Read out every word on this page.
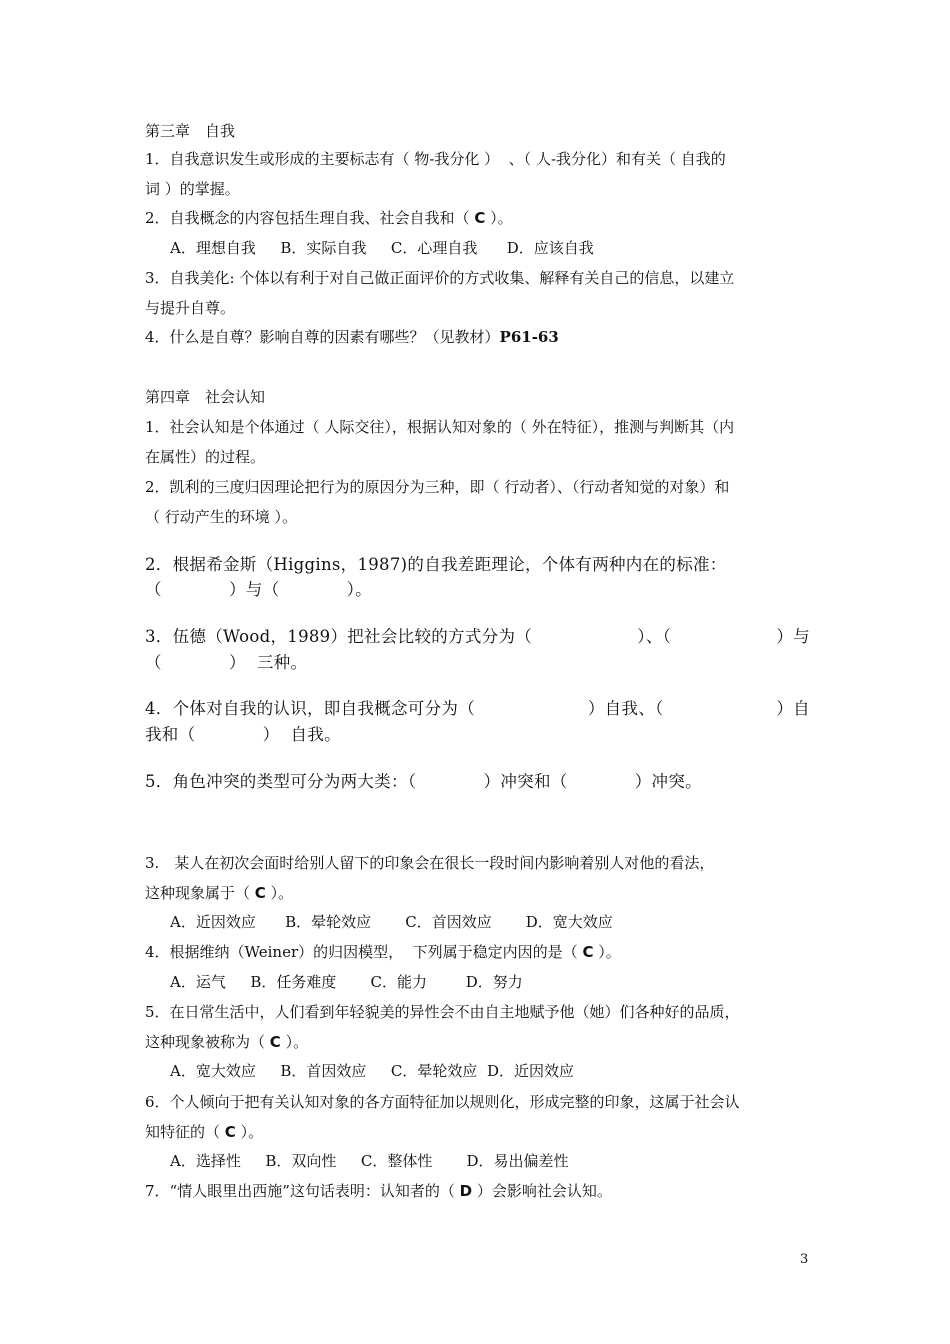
第三章　自我
1．自我意识发生或形成的主要标志有（ 物-我分化 ）  、（ 人-我分化）和有关（ 自我的
词 ）的掌握。
2．自我概念的内容包括生理自我、社会自我和（ C ）。
A．理想自我　  B．实际自我　  C．心理自我　   D．应该自我
3．自我美化: 个体以有利于对自己做正面评价的方式收集、解释有关自己的信息，以建立
与提升自尊。
4．什么是自尊？影响自尊的因素有哪些？（见教材）P61-63
第四章　社会认知
1．社会认知是个体通过（ 人际交往），根据认知对象的（ 外在特征），推测与判断其（内
在属性）的过程。
2．凯利的三度归因理论把行为的原因分为三种，即（ 行动者）、（行动者知觉的对象）和
（ 行动产生的环境 ）。
2．根据希金斯（Higgins，1987)的自我差距理论，个体有两种内在的标准：
（　　　　）与（　　　　）。
3．伍德（Wood，1989）把社会比较的方式分为（	）、（	）与
（　　　　）  三种。
4．个体对自我的认识，即自我概念可分为（	）自我、（	）自
我和（　　　　）  自我。
5．角色冲突的类型可分为两大类：（　　　　）冲突和（　　　　）冲突。
3.　某人在初次会面时给别人留下的印象会在很长一段时间内影响着别人对他的看法，
这种现象属于（ C ）。
A．近因效应　   B．晕轮效应　    C．首因效应　    D．宽大效应
4．根据维纳（Weiner）的归因模型，  下列属于稳定内因的是（ C ）。
A．运气　  B．任务难度　    C．能力　     D．努力
5．在日常生活中，人们看到年轻貌美的异性会不由自主地赋予他（她）们各种好的品质，
这种现象被称为（ C ）。
A．宽大效应　  B．首因效应　  C．晕轮效应  D．近因效应
6．个人倾向于把有关认知对象的各方面特征加以规则化，形成完整的印象，这属于社会认
知特征的（ C ）。
A．选择性　  B．双向性　  C．整体性　    D．易出偏差性
7．“情人眼里出西施”这句话表明：认知者的（ D ）会影响社会认知。
3
